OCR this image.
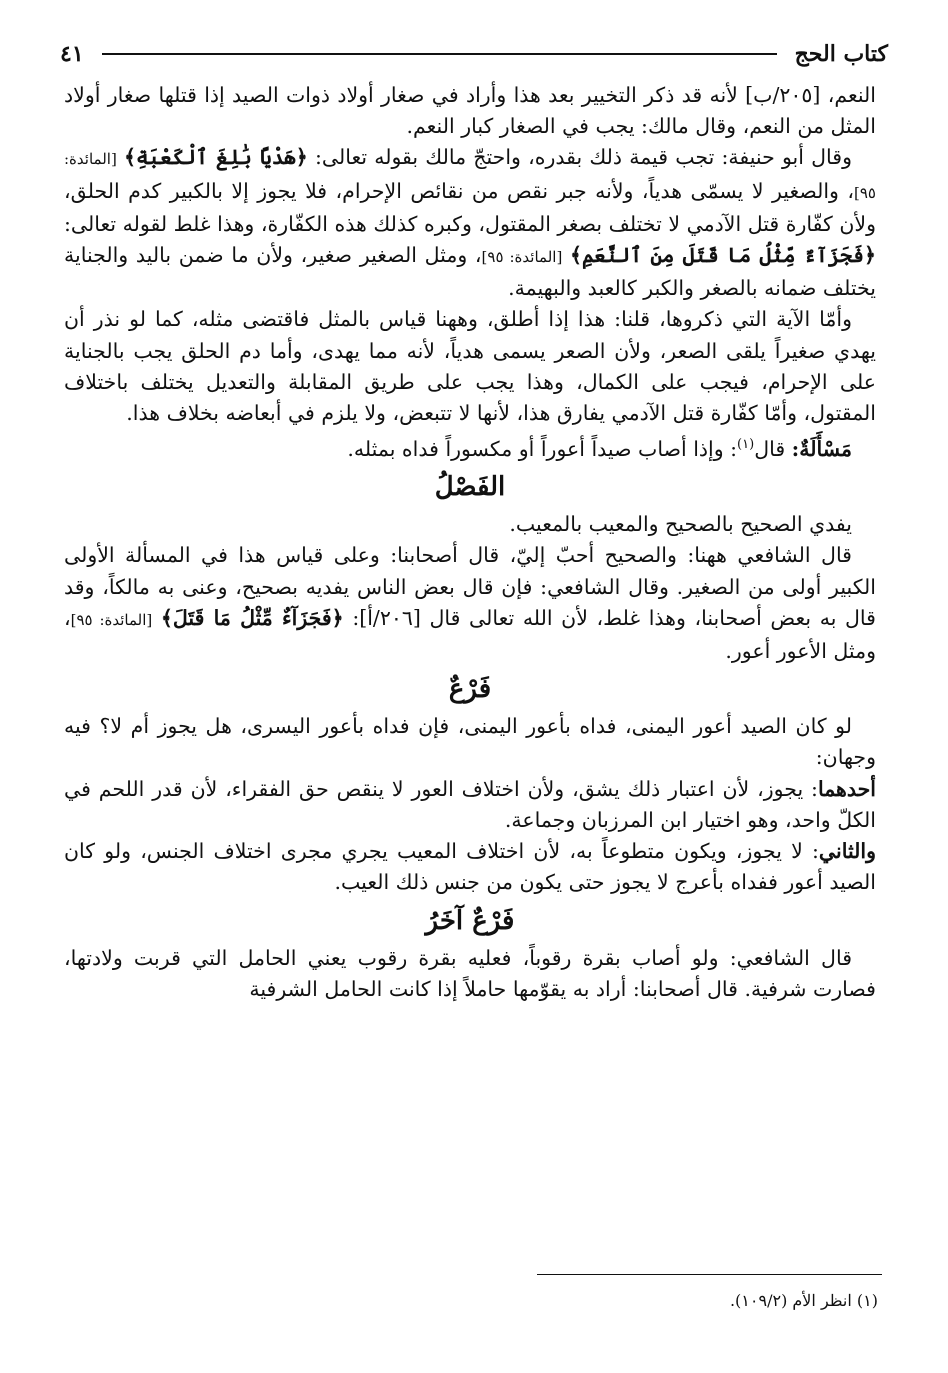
كتاب الحج
٤١

النعم، [٢٠٥/ب] لأنه قد ذكر التخيير بعد هذا وأراد في صغار أولاد ذوات الصيد إذا قتلها صغار أولاد المثل من النعم، وقال مالك: يجب في الصغار كبار النعم.

وقال أبو حنيفة: تجب قيمة ذلك بقدره، واحتجّ مالك بقوله تعالى: ﴿هَدْيًا بَٰلِغَ ٱلْكَعْبَةِ﴾ [المائدة: ٩٥]، والصغير لا يسمّى هدياً، ولأنه جبر نقص من نقائص الإحرام، فلا يجوز إلا بالكبير كدم الحلق، ولأن كفّارة قتل الآدمي لا تختلف بصغر المقتول، وكبره كذلك هذه الكفّارة، وهذا غلط لقوله تعالى: ﴿فَجَزَآءٌ مِّثْلُ مَا قَتَلَ مِنَ ٱلنَّعَمِ﴾ [المائدة: ٩٥]، ومثل الصغير صغير، ولأن ما ضمن باليد والجناية يختلف ضمانه بالصغر والكبر كالعبد والبهيمة.

وأمّا الآية التي ذكروها، قلنا: هذا إذا أطلق، وههنا قياس بالمثل فاقتضى مثله، كما لو نذر أن يهدي صغيراً يلقى الصعر، ولأن الصعر يسمى هدياً، لأنه مما يهدى، وأما دم الحلق يجب بالجناية على الإحرام، فيجب على الكمال، وهذا يجب على طريق المقابلة والتعديل يختلف باختلاف المقتول، وأمّا كفّارة قتل الآدمي يفارق هذا، لأنها لا تتبعض، ولا يلزم في أبعاضه بخلاف هذا.

مَسْأَلَةٌ: قال$^{(١)}$: وإذا أصاب صيداً أعوراً أو مكسوراً فداه بمثله.

الفَصْلُ

يفدي الصحيح بالصحيح والمعيب بالمعيب.

قال الشافعي ههنا: والصحيح أحبّ إليّ، قال أصحابنا: وعلى قياس هذا في المسألة الأولى الكبير أولى من الصغير. وقال الشافعي: فإن قال بعض الناس يفديه بصحيح، وعنى به مالكاً، وقد قال به بعض أصحابنا، وهذا غلط، لأن الله تعالى قال [٢٠٦/أ]: ﴿فَجَزَآءٌ مِّثْلُ مَا قَتَلَ﴾ [المائدة: ٩٥]، ومثل الأعور أعور.

فَرْعٌ

لو كان الصيد أعور اليمنى، فداه بأعور اليمنى، فإن فداه بأعور اليسرى، هل يجوز أم لا؟ فيه وجهان:

أحدهما: يجوز، لأن اعتبار ذلك يشق، ولأن اختلاف العور لا ينقص حق الفقراء، لأن قدر اللحم في الكلّ واحد، وهو اختيار ابن المرزبان وجماعة.

والثاني: لا يجوز، ويكون متطوعاً به، لأن اختلاف المعيب يجري مجرى اختلاف الجنس، ولو كان الصيد أعور ففداه بأعرج لا يجوز حتى يكون من جنس ذلك العيب.

فَرْعٌ آخَرُ

قال الشافعي: ولو أصاب بقرة رقوباً، فعليه بقرة رقوب يعني الحامل التي قربت ولادتها، فصارت شرفية. قال أصحابنا: أراد به يقوّمها حاملاً إذا كانت الحامل الشرفية

(١) انظر الأم (١٠٩/٢).
